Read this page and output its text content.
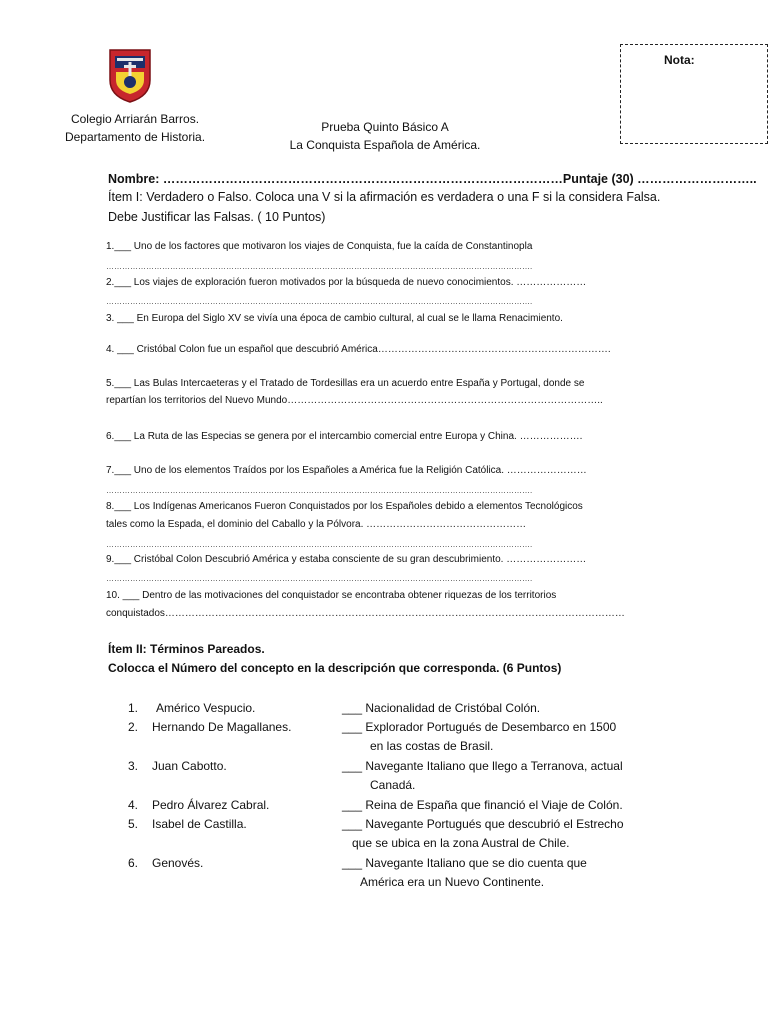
Colegio Arriarán Barros.
Departamento de Historia.
Prueba Quinto Básico A
La Conquista Española de América.
Nota:
Nombre: ……………………………………………………………………………………Puntaje (30) ………………………..
Ítem I: Verdadero o Falso. Coloca una V si la afirmación es verdadera o una F si la considera Falsa.
Debe Justificar las Falsas. ( 10 Puntos)
1.___ Uno de los factores que motivaron los viajes de Conquista, fue la caída de Constantinopla
…………………………………………………………………………………………………………………………………………….
2.___ Los viajes de exploración fueron motivados por la búsqueda de nuevo conocimientos. …………………
…………………………………………………………………………………………………………………………………………….
3. ___ En Europa del Siglo XV se vivía una época de cambio cultural, al cual se le llama Renacimiento.
4. ___ Cristóbal Colon fue un español que descubrió América…………………………………………………………….
5.___ Las Bulas Intercaeteras y el Tratado de Tordesillas era un acuerdo entre España y Portugal, donde se
repartían los territorios del Nuevo Mundo…………………………………………………………………………………..
6.___ La Ruta de las Especias se genera por el intercambio comercial entre Europa y China. ……………….
7.___ Uno de los elementos Traídos por los Españoles a América fue la Religión Católica. ……………………
…………………………………………………………………………………………………………………………………………….
8.___ Los Indígenas Americanos Fueron Conquistados por los Españoles debido a elementos Tecnológicos
tales como la Espada, el dominio del Caballo y la Pólvora. …………………………………………
…………………………………………………………………………………………………………………………………………….
9.___ Cristóbal Colon Descubrió América y estaba consciente de su gran descubrimiento. ……………………
…………………………………………………………………………………………………………………………………………….
10. ___ Dentro de las motivaciones del conquistador se encontraba obtener riquezas de los territorios
conquistados…………………………………………………………………………………………………………………………
Ítem II: Términos Pareados.
Colocca el Número del concepto en la descripción que corresponda. (6 Puntos)
1. Américo Vespucio.	___ Nacionalidad de Cristóbal Colón.
2. Hernando De Magallanes.	___ Explorador Portugués de Desembarco en 1500
en las costas de Brasil.
3. Juan Cabotto.	___ Navegante Italiano que llego a Terranova, actual
Canadá.
4. Pedro Álvarez Cabral.	___ Reina de España que financió el Viaje de Colón.
5. Isabel de Castilla.	___ Navegante Portugués que descubrió el Estrecho
que se ubica en la zona Austral de Chile.
6. Genovés.	___ Navegante Italiano que se dio cuenta que
América era un Nuevo Continente.
